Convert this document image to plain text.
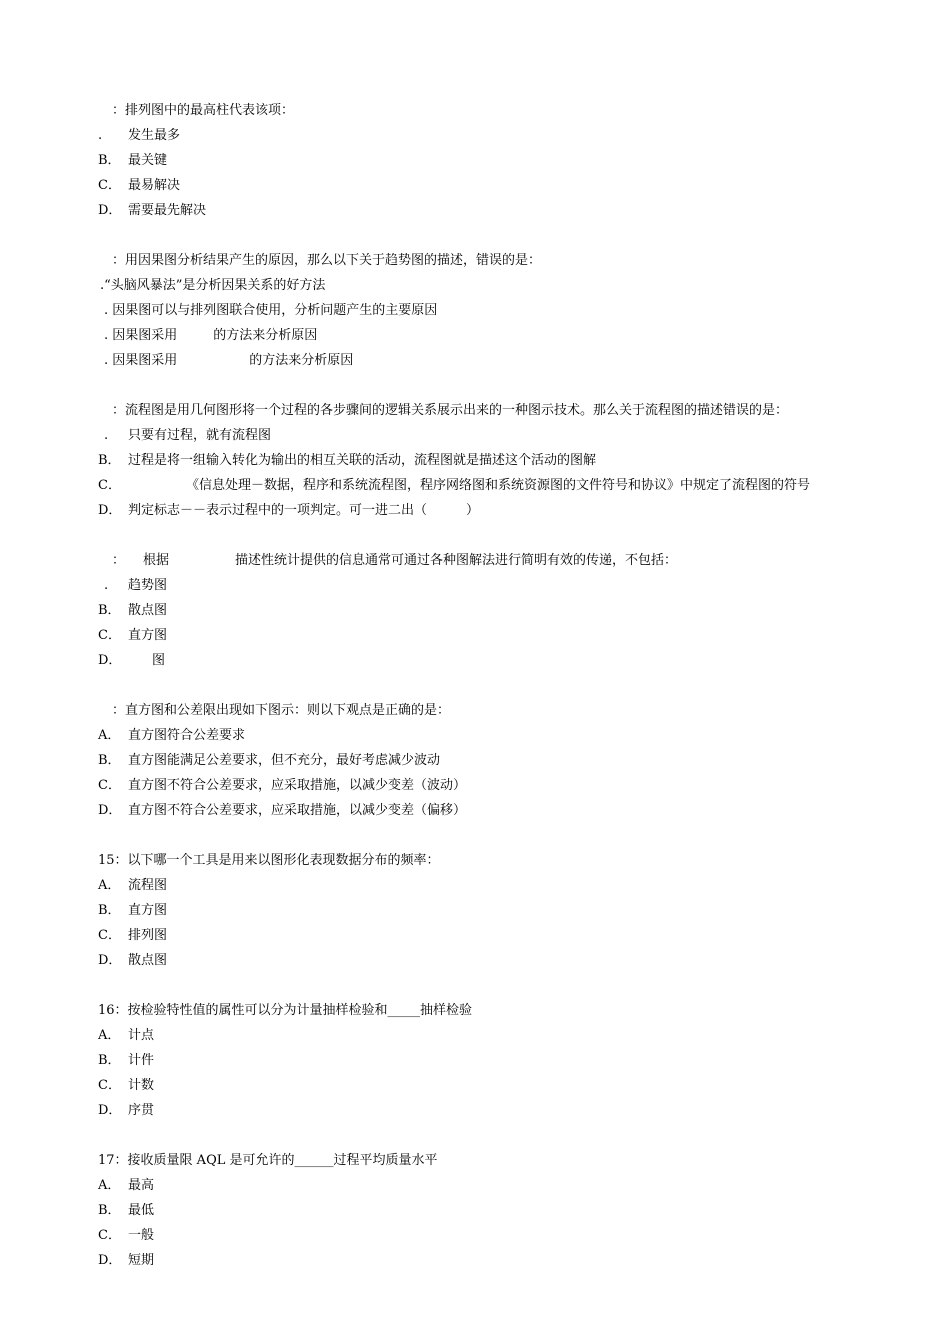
：排列图中的最高柱代表该项：
. 发生最多
B． 最关键
C． 最易解决
D． 需要最先解决
：用因果图分析结果产生的原因，那么以下关于趋势图的描述，错误的是：
.“头脑风暴法”是分析因果关系的好方法
. 因果图可以与排列图联合使用，分析问题产生的主要原因
. 因果图采用	的方法来分析原因
. 因果图采用	的方法来分析原因
：流程图是用几何图形将一个过程的各步骤间的逻辑关系展示出来的一种图示技术。那么关于流程图的描述错误的是：
. 只要有过程，就有流程图
B． 过程是将一组输入转化为输出的相互关联的活动，流程图就是描述这个活动的图解
C．	《信息处理－数据，程序和系统流程图，程序网络图和系统资源图的文件符号和协议》中规定了流程图的符号
D． 判定标志－－表示过程中的一项判定。可一进二出（　　　）
： 根据	描述性统计提供的信息通常可通过各种图解法进行简明有效的传递，不包括：
. 趋势图
B． 散点图
C． 直方图
D． 图
：直方图和公差限出现如下图示：则以下观点是正确的是：
A． 直方图符合公差要求
B． 直方图能满足公差要求，但不充分，最好考虑减少波动
C． 直方图不符合公差要求，应采取措施，以减少变差（波动）
D． 直方图不符合公差要求，应采取措施，以减少变差（偏移）
15：以下哪一个工具是用来以图形化表现数据分布的频率：
A． 流程图
B． 直方图
C． 排列图
D． 散点图
16：按检验特性值的属性可以分为计量抽样检验和_____抽样检验
A． 计点
B． 计件
C． 计数
D． 序贯
17：接收质量限 AQL 是可允许的______过程平均质量水平
A． 最高
B． 最低
C． 一般
D． 短期
